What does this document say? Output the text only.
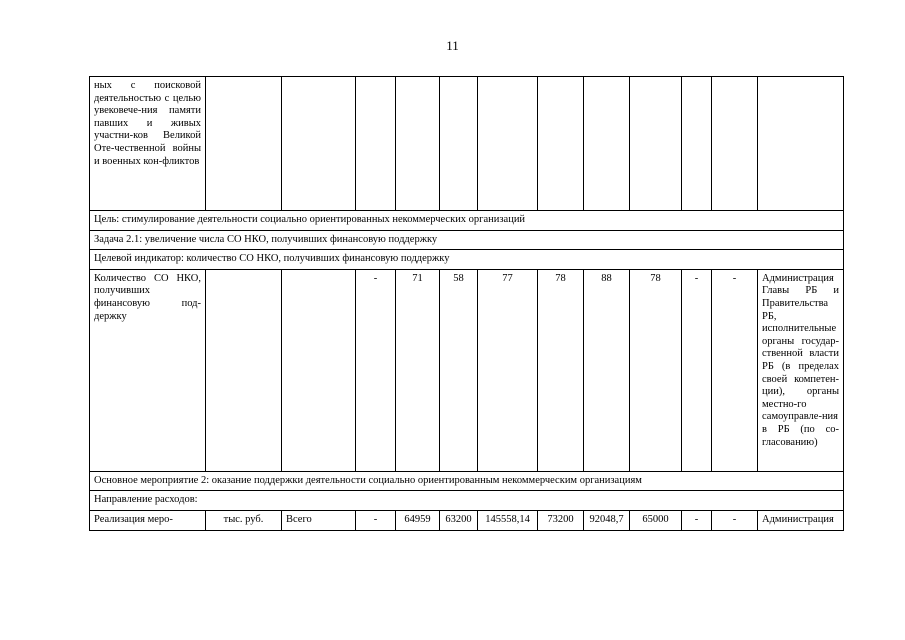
11
ных с поисковой деятельностью с целью увековече-ния памяти павших и живых участни-ков Великой Оте-чественной войны и военных кон-фликтов												
Цель: стимулирование деятельности социально ориентированных некоммерческих организаций												
Задача 2.1: увеличение числа СО НКО, получивших финансовую поддержку												
Целевой индикатор: количество СО НКО, получивших финансовую поддержку												
Количество СО НКО, получивших финансовую под-держку			-	71	58	77	78	88	78	-	-	Администрация Главы РБ и Правительства РБ, исполнительные органы государ-ственной власти РБ (в пределах своей компетен-ции), органы местно-го самоуправле-ния в РБ (по со-гласованию)
Основное мероприятие 2: оказание поддержки деятельности социально ориентированным некоммерческим организациям												
Направление расходов:												
Реализация меро-	тыс. руб.	Всего	-	64959	63200	145558,14	73200	92048,7	65000	-	-	Администрация
